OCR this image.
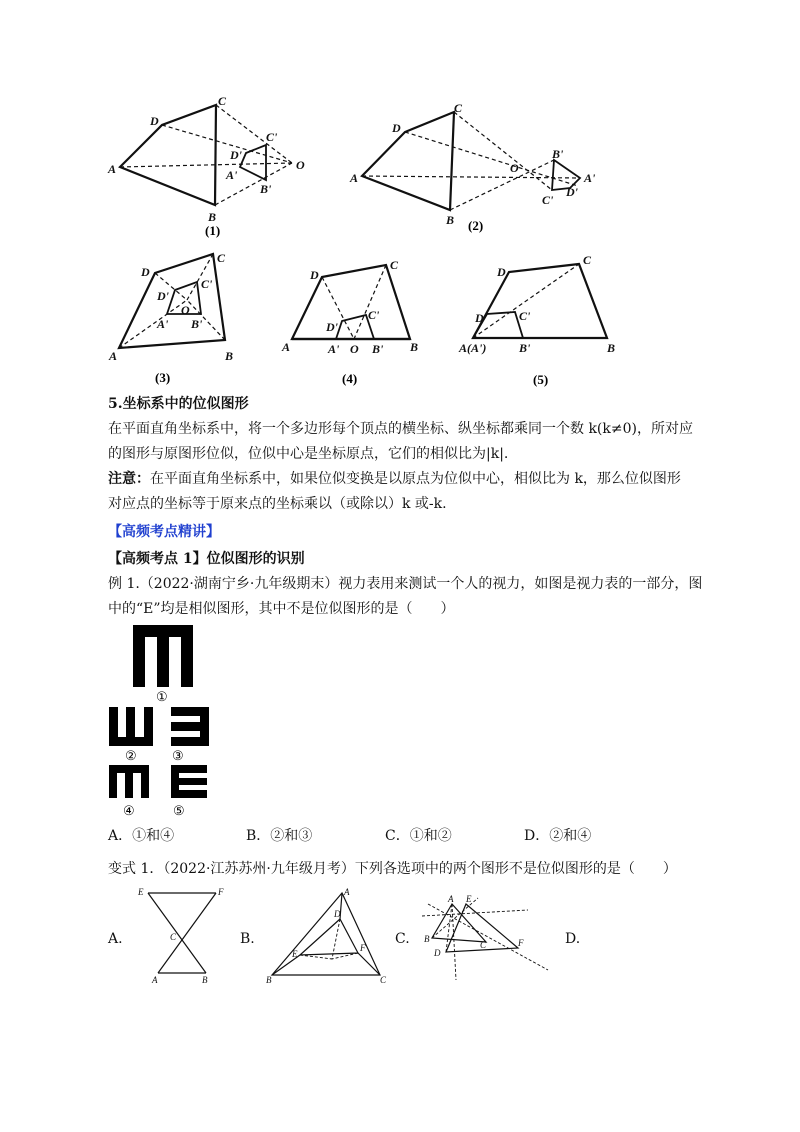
A
B
C
D
C'
D'
A'
B'
O
(1)
A
B
C
D
O
B'
A'
C'
D'
(2)
A	B
C
D
D'
C'
O
A' B'
(3)
A	B
C
D
D'
C'
A' O B'
(4)
A(A')	B
C
D
D'	C'
B'
(5)
5.坐标系中的位似图形
在平面直角坐标系中，将一个多边形每个顶点的横坐标、纵坐标都乘同一个数 k(k≠0)，所对应
的图形与原图形位似，位似中心是坐标原点，它们的相似比为|k|.
注意：在平面直角坐标系中，如果位似变换是以原点为位似中心，相似比为 k，那么位似图形
对应点的坐标等于原来点的坐标乘以（或除以）k 或-k.
【高频考点精讲】
【高频考点 1】位似图形的识别
例 1.（2022·湖南宁乡·九年级期末）视力表用来测试一个人的视力，如图是视力表的一部分，图
中的“E”均是相似图形，其中不是位似图形的是（　　）
①
②	③
④	⑤
A．①和④	B．②和③	C．①和②	D．②和④
变式 1．（2022·江苏苏州·九年级月考）下列各选项中的两个图形不是位似图形的是（　　）
A.
E	F
C
A	B
B.
A
D
E
F
B	C
C.
A E
B
C	F
D
D.
